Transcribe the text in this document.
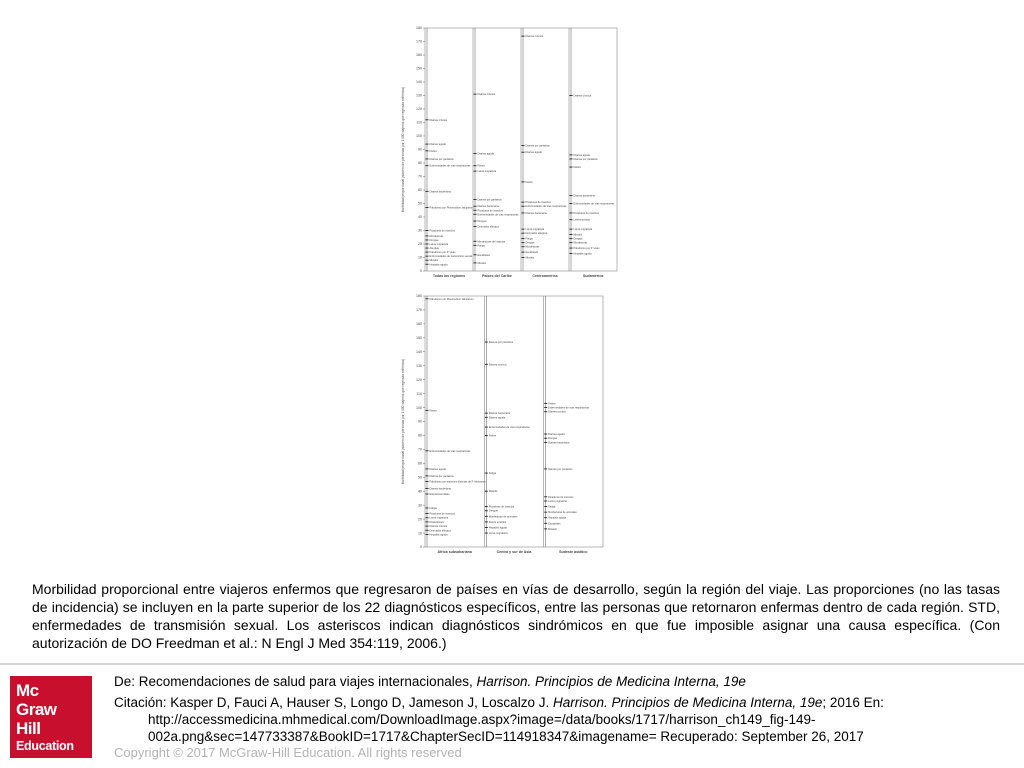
Morbilidad proporcional (número de personas por 1 000 viajeros que regresan enfermos)
0
10
20
30
40
50
60
70
80
90
100
110
120
130
140
150
160
170
180
Diarrea crónica
Diarrea aguda
Fiebre
Diarrea por parásitos
Enfermedades de vías respiratorias
Diarrea bacteriana
Paludismo por Plasmodium falciparum
Picaduras de insectos
Mordeduras
Dengue
Larva migratoria
Alergias
Paludismo por P. vivax
Enfermedades de transmisión sexual
Miositis
Hepatitis aguda
Todas las regiones
Diarrea crónica
Diarrea aguda
Fiebre
Larva migratoria
Diarrea por parásitos
Diarrea bacteriana
Picaduras de insectos
Enfermedades de vías respiratorias
Dengue
Dermatitis alérgica
Mordeduras de insectos
Fatiga
Escabiasis
Miositis
Países del Caribe
Diarrea crónica
Diarrea por parásitos
Diarrea aguda
Fiebre
Picaduras de insectos
Enfermedades de vías respiratorias
Diarrea bacteriana
Larva migratoria
Dermatitis alérgica
Fatiga
Dengue
Mordeduras
Escabiasis
Miositis
Centroamérica
Diarrea crónica
Diarrea aguda
Diarrea por parásitos
Fiebre
Diarrea bacteriana
Enfermedades de vías respiratorias
Picaduras de insectos
Leishmaniasis
Larva migratoria
Miositis
Dengue
Mordeduras
Paludismo por P. vivax
Hepatitis aguda
Sudamérica
Morbilidad proporcional (número de personas por 1 000 viajeros que regresan enfermos)
0
10
20
30
40
50
60
70
80
90
100
110
120
130
140
150
160
170
180
Paludismo por Plasmodium falciparum
Fiebre
Enfermedades de vías respiratorias
Diarrea aguda
Diarrea por parásitos
Paludismo por especies distintas de P. falciparum
Diarrea bacteriana
Esquistosomiasis
Fatiga
Picaduras de insectos
Larva migratoria
Rickettsiosis
Diarrea crónica
Dermatitis alérgica
Hepatitis aguda
África subsahariana
Diarrea por parásitos
Diarrea crónica
Diarrea bacteriana
Diarrea aguda
Enfermedades de vías respiratorias
Fiebre
Fatiga
Miositis
Picaduras de insectos
Dengue
Mordeduras de animales
Fiebre entérica
Hepatitis aguda
Larva migratoria
Centro y sur de Asia
Fiebre
Enfermedades de vías respiratorias
Diarrea crónica
Diarrea aguda
Dengue
Diarrea bacteriana
Diarrea por parásitos
Picaduras de insectos
Larva migratoria
Fatiga
Mordeduras de animales
Hepatitis aguda
Escabiasis
Miositis
Sudeste asiático

Morbilidad proporcional entre viajeros enfermos que regresaron de países en vías de desarrollo, según la región del viaje. Las proporciones (no las tasas de incidencia) se incluyen en la parte superior de los 22 diagnósticos específicos, entre las personas que retornaron enfermas dentro de cada región. STD, enfermedades de transmisión sexual. Los asteriscos indican diagnósticos sindrómicos en que fue imposible asignar una causa específica. (Con autorización de DO Freedman et al.: N Engl J Med 354:119, 2006.)

Mc
Graw
Hill
Education

De: Recomendaciones de salud para viajes internacionales, Harrison. Principios de Medicina Interna, 19e

Citación: Kasper D, Fauci A, Hauser S, Longo D, Jameson J, Loscalzo J. Harrison. Principios de Medicina Interna, 19e; 2016 En: http://accessmedicina.mhmedical.com/DownloadImage.aspx?image=/data/books/1717/harrison_ch149_fig-149-002a.png&sec=147733387&BookID=1717&ChapterSecID=114918347&imagename= Recuperado: September 26, 2017

Copyright © 2017 McGraw-Hill Education. All rights reserved
